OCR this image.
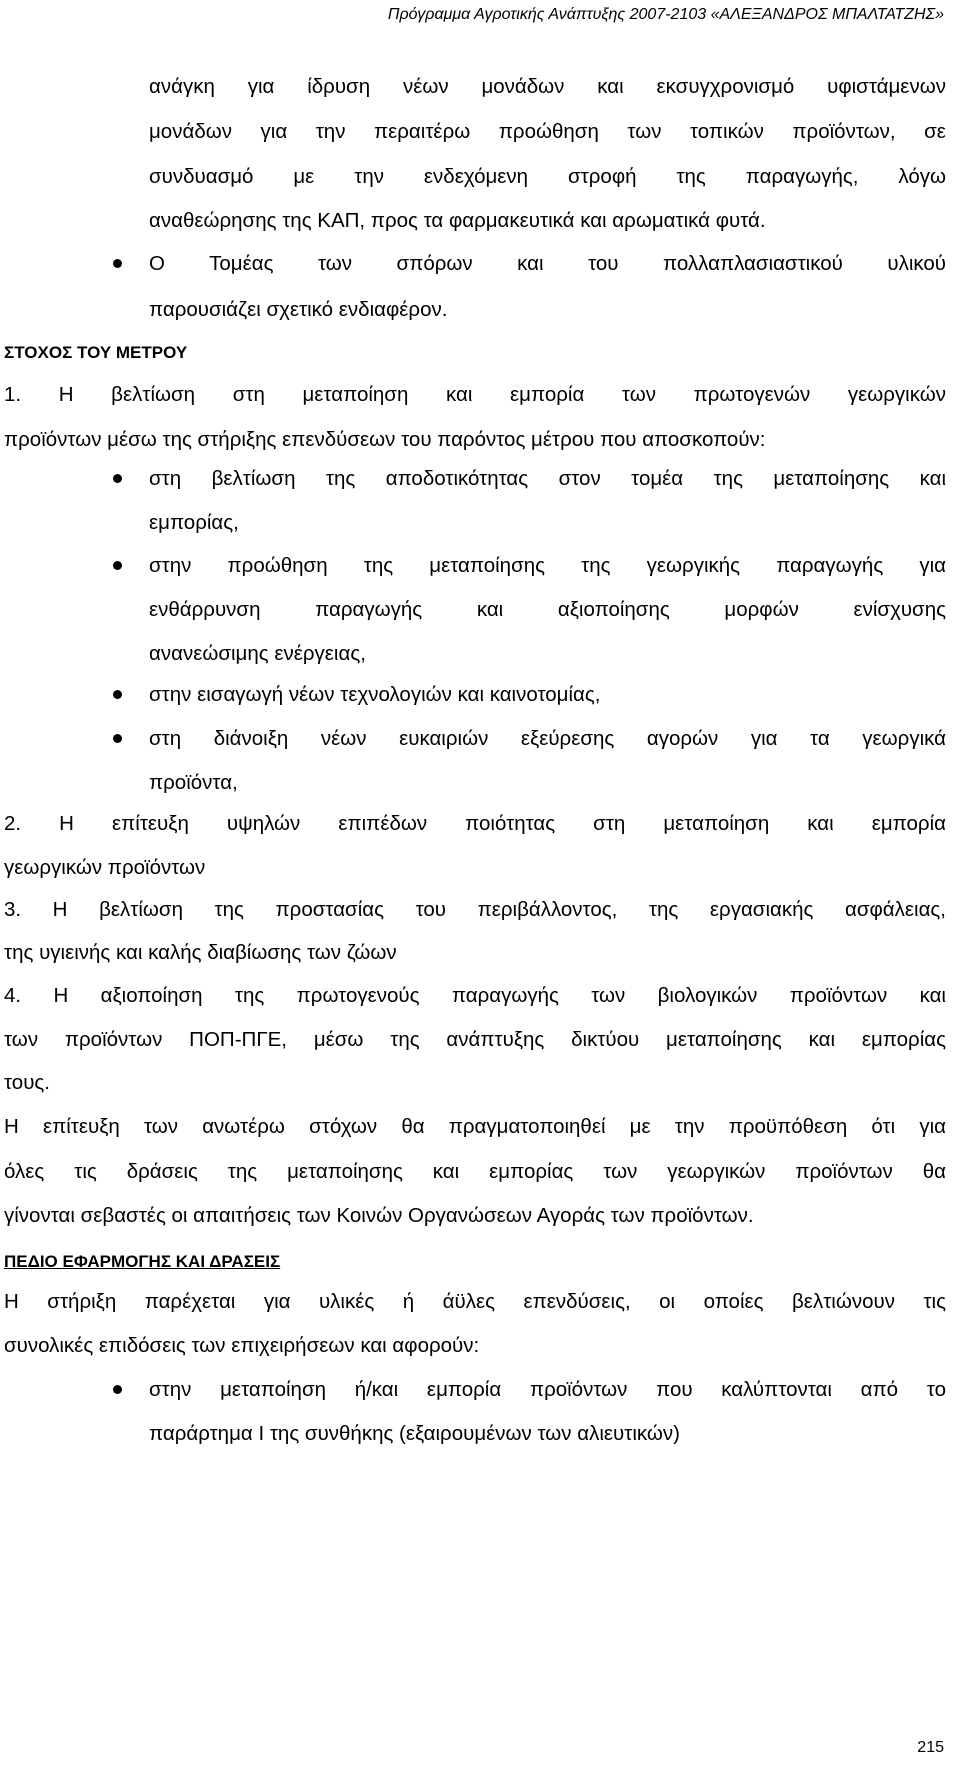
Πρόγραμμα Αγροτικής Ανάπτυξης 2007-2103 «ΑΛΕΞΑΝΔΡΟΣ ΜΠΑΛΤΑΤΖΗΣ»
ανάγκη για ίδρυση νέων μονάδων και εκσυγχρονισμό υφιστάμενων
μονάδων για την περαιτέρω προώθηση των τοπικών προϊόντων, σε
συνδυασμό με την ενδεχόμενη στροφή της παραγωγής, λόγω
αναθεώρησης της ΚΑΠ, προς τα φαρμακευτικά και αρωματικά φυτά.
Ο Τομέας των σπόρων και του πολλαπλασιαστικού υλικού
παρουσιάζει σχετικό ενδιαφέρον.
ΣΤΟΧΟΣ ΤΟΥ ΜΕΤΡΟΥ
1. Η βελτίωση στη μεταποίηση και εμπορία των πρωτογενών γεωργικών
προϊόντων μέσω της στήριξης επενδύσεων του παρόντος μέτρου που αποσκοπούν:
στη βελτίωση της αποδοτικότητας στον τομέα της μεταποίησης και
εμπορίας,
στην προώθηση της μεταποίησης της γεωργικής παραγωγής για
ενθάρρυνση παραγωγής και αξιοποίησης μορφών ενίσχυσης
ανανεώσιμης ενέργειας,
στην εισαγωγή νέων τεχνολογιών και καινοτομίας,
στη διάνοιξη νέων ευκαιριών εξεύρεσης αγορών για τα γεωργικά
προϊόντα,
2. Η επίτευξη υψηλών επιπέδων ποιότητας στη μεταποίηση και εμπορία
γεωργικών προϊόντων
3. Η βελτίωση της προστασίας του περιβάλλοντος, της εργασιακής ασφάλειας,
της υγιεινής και καλής διαβίωσης των ζώων
4. Η αξιοποίηση της πρωτογενούς παραγωγής των βιολογικών προϊόντων και
των προϊόντων ΠΟΠ-ΠΓΕ, μέσω της ανάπτυξης δικτύου μεταποίησης και εμπορίας
τους.
Η επίτευξη των ανωτέρω στόχων θα πραγματοποιηθεί με την προϋπόθεση ότι για
όλες τις δράσεις της μεταποίησης και εμπορίας των γεωργικών προϊόντων θα
γίνονται σεβαστές οι απαιτήσεις των Κοινών Οργανώσεων Αγοράς των προϊόντων.
ΠΕΔΙΟ ΕΦΑΡΜΟΓΗΣ ΚΑΙ ΔΡΑΣΕΙΣ
Η στήριξη παρέχεται για υλικές ή άϋλες επενδύσεις, οι οποίες βελτιώνουν τις
συνολικές επιδόσεις των επιχειρήσεων και αφορούν:
στην μεταποίηση ή/και εμπορία προϊόντων που καλύπτονται από το
παράρτημα Ι της συνθήκης (εξαιρουμένων των αλιευτικών)
215
